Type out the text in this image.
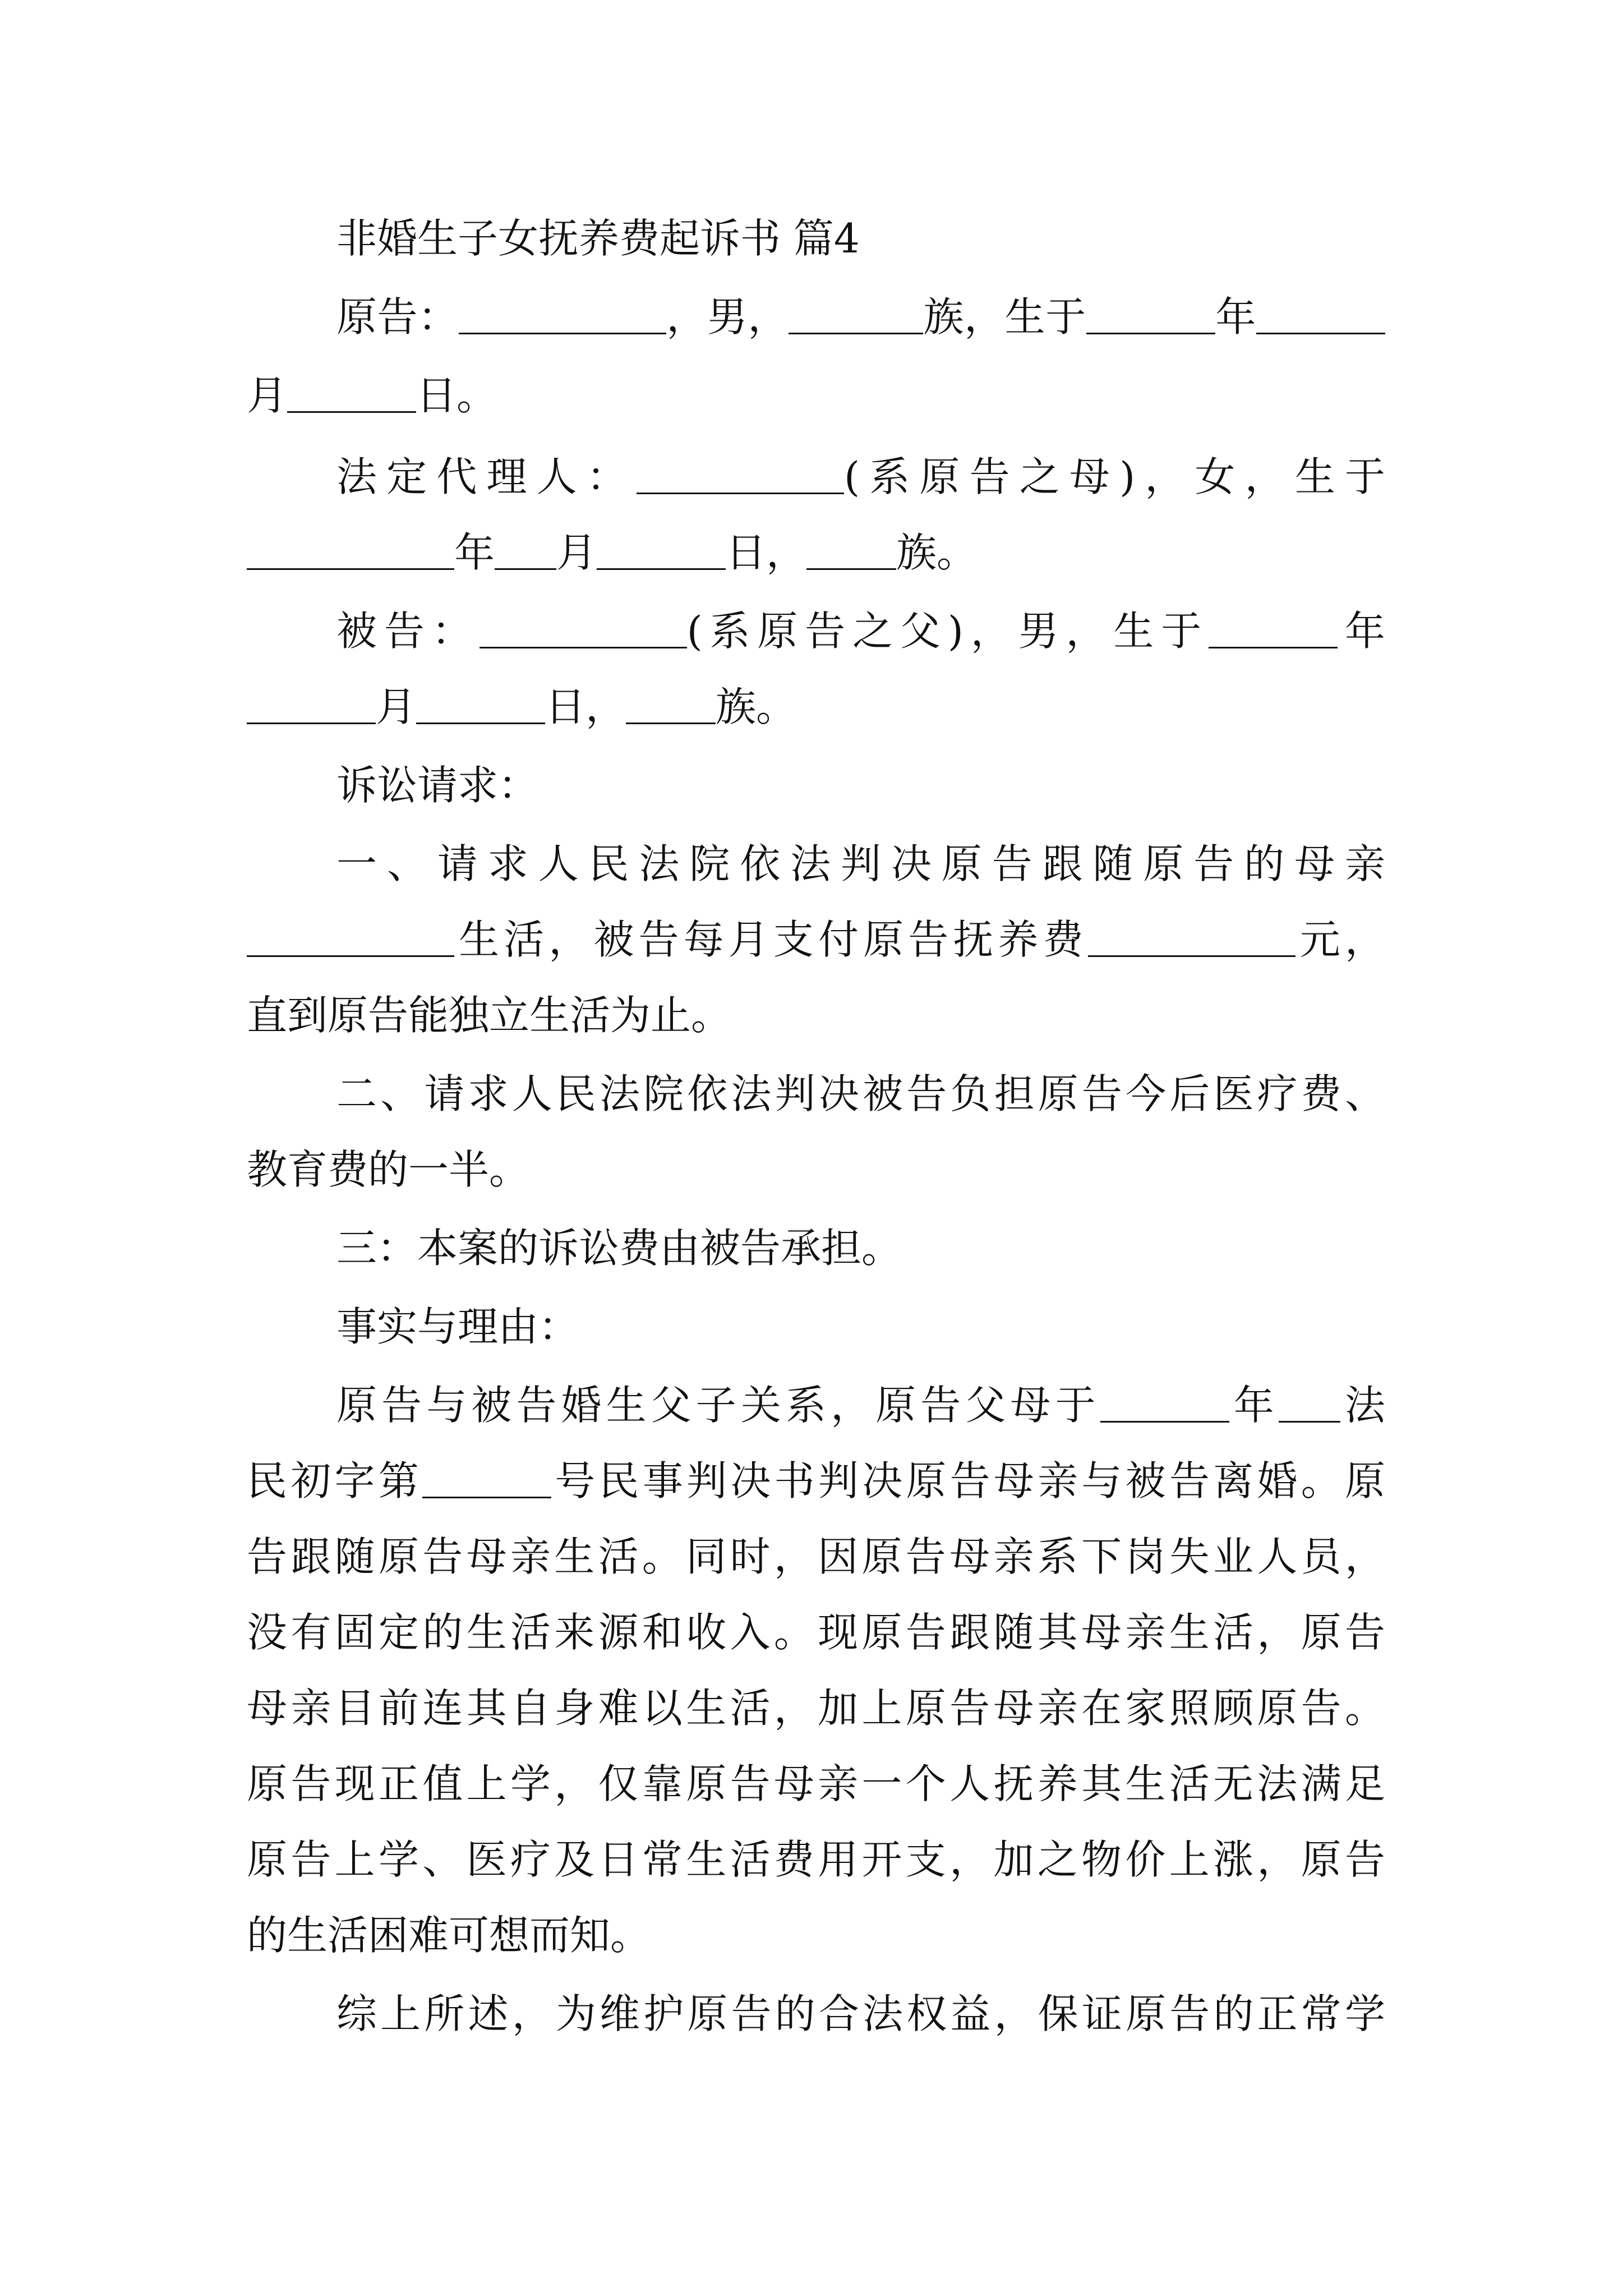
非婚生子女抚养费起诉书 篇4
原告：	，男，	族，生于	年
月	日。
法定代理人：	(系原告之母)，女，生于
年 月	日， 族。
被告：	(系原告之父)，男，生于	年
月	日， 族。
诉讼请求：
一、请求人民法院依法判决原告跟随原告的母亲
生活，被告每月支付原告抚养费	元，
直到原告能独立生活为止。
二、请求人民法院依法判决被告负担原告今后医疗费、
教育费的一半。
三：本案的诉讼费由被告承担。
事实与理由：
原告与被告婚生父子关系，原告父母于	年 法
民初字第	号民事判决书判决原告母亲与被告离婚。原
告跟随原告母亲生活。同时，因原告母亲系下岗失业人员，
没有固定的生活来源和收入。现原告跟随其母亲生活，原告
母亲目前连其自身难以生活，加上原告母亲在家照顾原告。
原告现正值上学，仅靠原告母亲一个人抚养其生活无法满足
原告上学、医疗及日常生活费用开支，加之物价上涨，原告
的生活困难可想而知。
综上所述，为维护原告的合法权益，保证原告的正常学
